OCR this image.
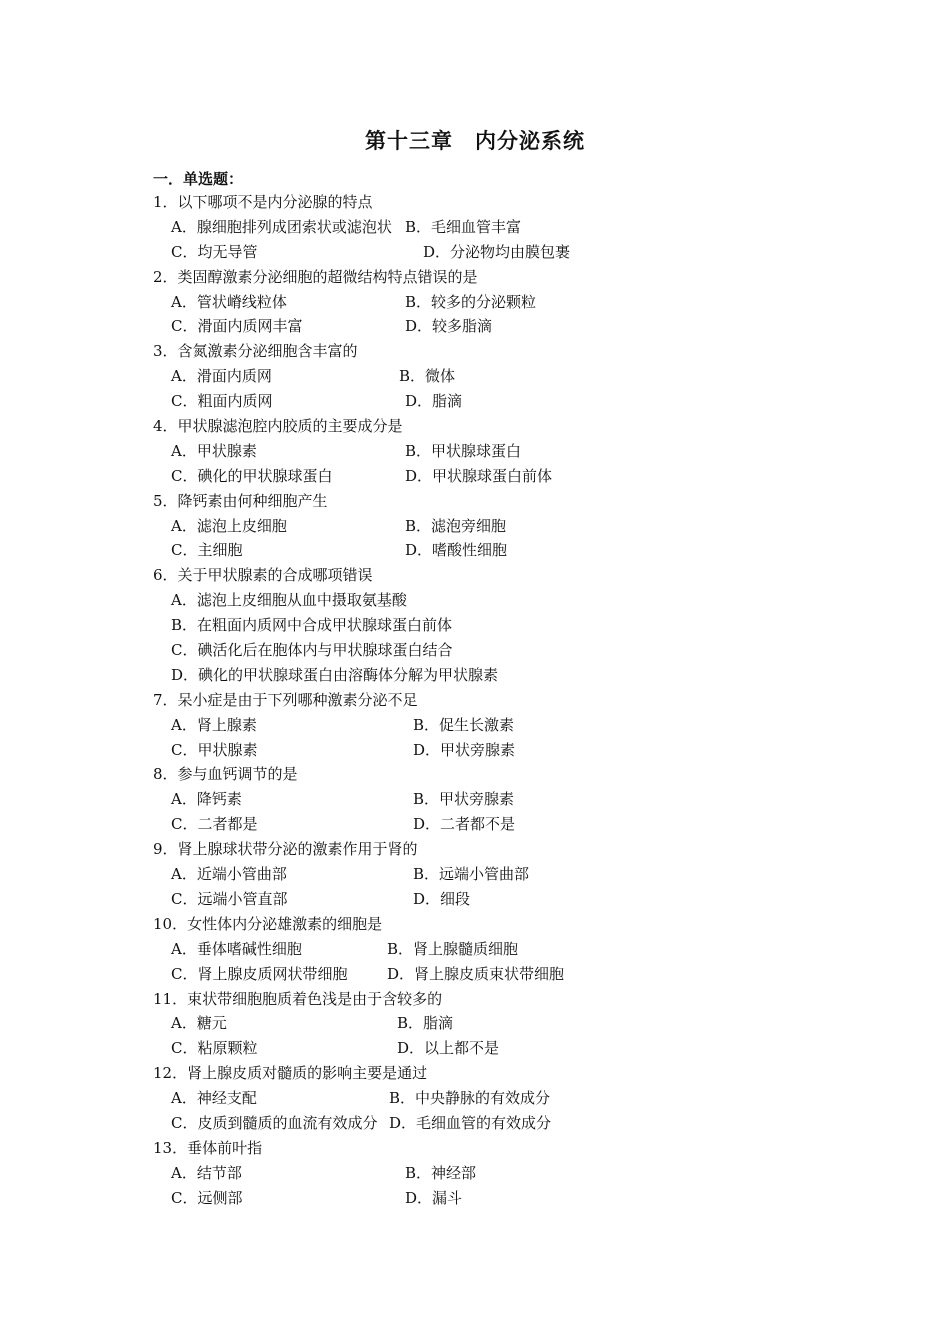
第十三章　内分泌系统
一．单选题：
1．以下哪项不是内分泌腺的特点
A．腺细胞排列成团索状或滤泡状 B．毛细血管丰富
C．均无导管	D．分泌物均由膜包裹
2．类固醇激素分泌细胞的超微结构特点错误的是
A．管状嵴线粒体	B．较多的分泌颗粒
C．滑面内质网丰富	D．较多脂滴
3．含氮激素分泌细胞含丰富的
A．滑面内质网	B．微体
C．粗面内质网	D．脂滴
4．甲状腺滤泡腔内胶质的主要成分是
A．甲状腺素	B．甲状腺球蛋白
C．碘化的甲状腺球蛋白	D．甲状腺球蛋白前体
5．降钙素由何种细胞产生
A．滤泡上皮细胞	B．滤泡旁细胞
C．主细胞	D．嗜酸性细胞
6．关于甲状腺素的合成哪项错误
A．滤泡上皮细胞从血中摄取氨基酸
B．在粗面内质网中合成甲状腺球蛋白前体
C．碘活化后在胞体内与甲状腺球蛋白结合
D．碘化的甲状腺球蛋白由溶酶体分解为甲状腺素
7．呆小症是由于下列哪种激素分泌不足
A．肾上腺素	B．促生长激素
C．甲状腺素	D．甲状旁腺素
8．参与血钙调节的是
A．降钙素	B．甲状旁腺素
C．二者都是	D．二者都不是
9．肾上腺球状带分泌的激素作用于肾的
A．近端小管曲部	B．远端小管曲部
C．远端小管直部	D．细段
10．女性体内分泌雄激素的细胞是
A．垂体嗜碱性细胞	B．肾上腺髓质细胞
C．肾上腺皮质网状带细胞	D．肾上腺皮质束状带细胞
11．束状带细胞胞质着色浅是由于含较多的
A．糖元	B．脂滴
C．粘原颗粒	D．以上都不是
12．肾上腺皮质对髓质的影响主要是通过
A．神经支配	B．中央静脉的有效成分
C．皮质到髓质的血流有效成分 D．毛细血管的有效成分
13．垂体前叶指
A．结节部	B．神经部
C．远侧部	D．漏斗
